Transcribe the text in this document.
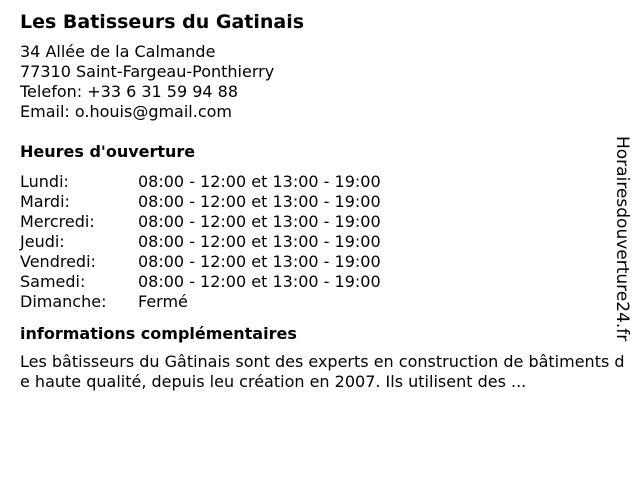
Les Batisseurs du Gatinais
34 Allée de la Calmande
77310 Saint-Fargeau-Ponthierry
Telefon: +33 6 31 59 94 88
Email: o.houis@gmail.com
Heures d'ouverture
Lundi:	08:00 - 12:00 et 13:00 - 19:00
Mardi:	08:00 - 12:00 et 13:00 - 19:00
Mercredi:	08:00 - 12:00 et 13:00 - 19:00
Jeudi:	08:00 - 12:00 et 13:00 - 19:00
Vendredi:	08:00 - 12:00 et 13:00 - 19:00
Samedi:	08:00 - 12:00 et 13:00 - 19:00
Dimanche:	Fermé
informations complémentaires
Les bâtisseurs du Gâtinais sont des experts en construction de bâtiments de haute qualité, depuis leu création en 2007. Ils utilisent des ...
Horairesdouverture24.fr
